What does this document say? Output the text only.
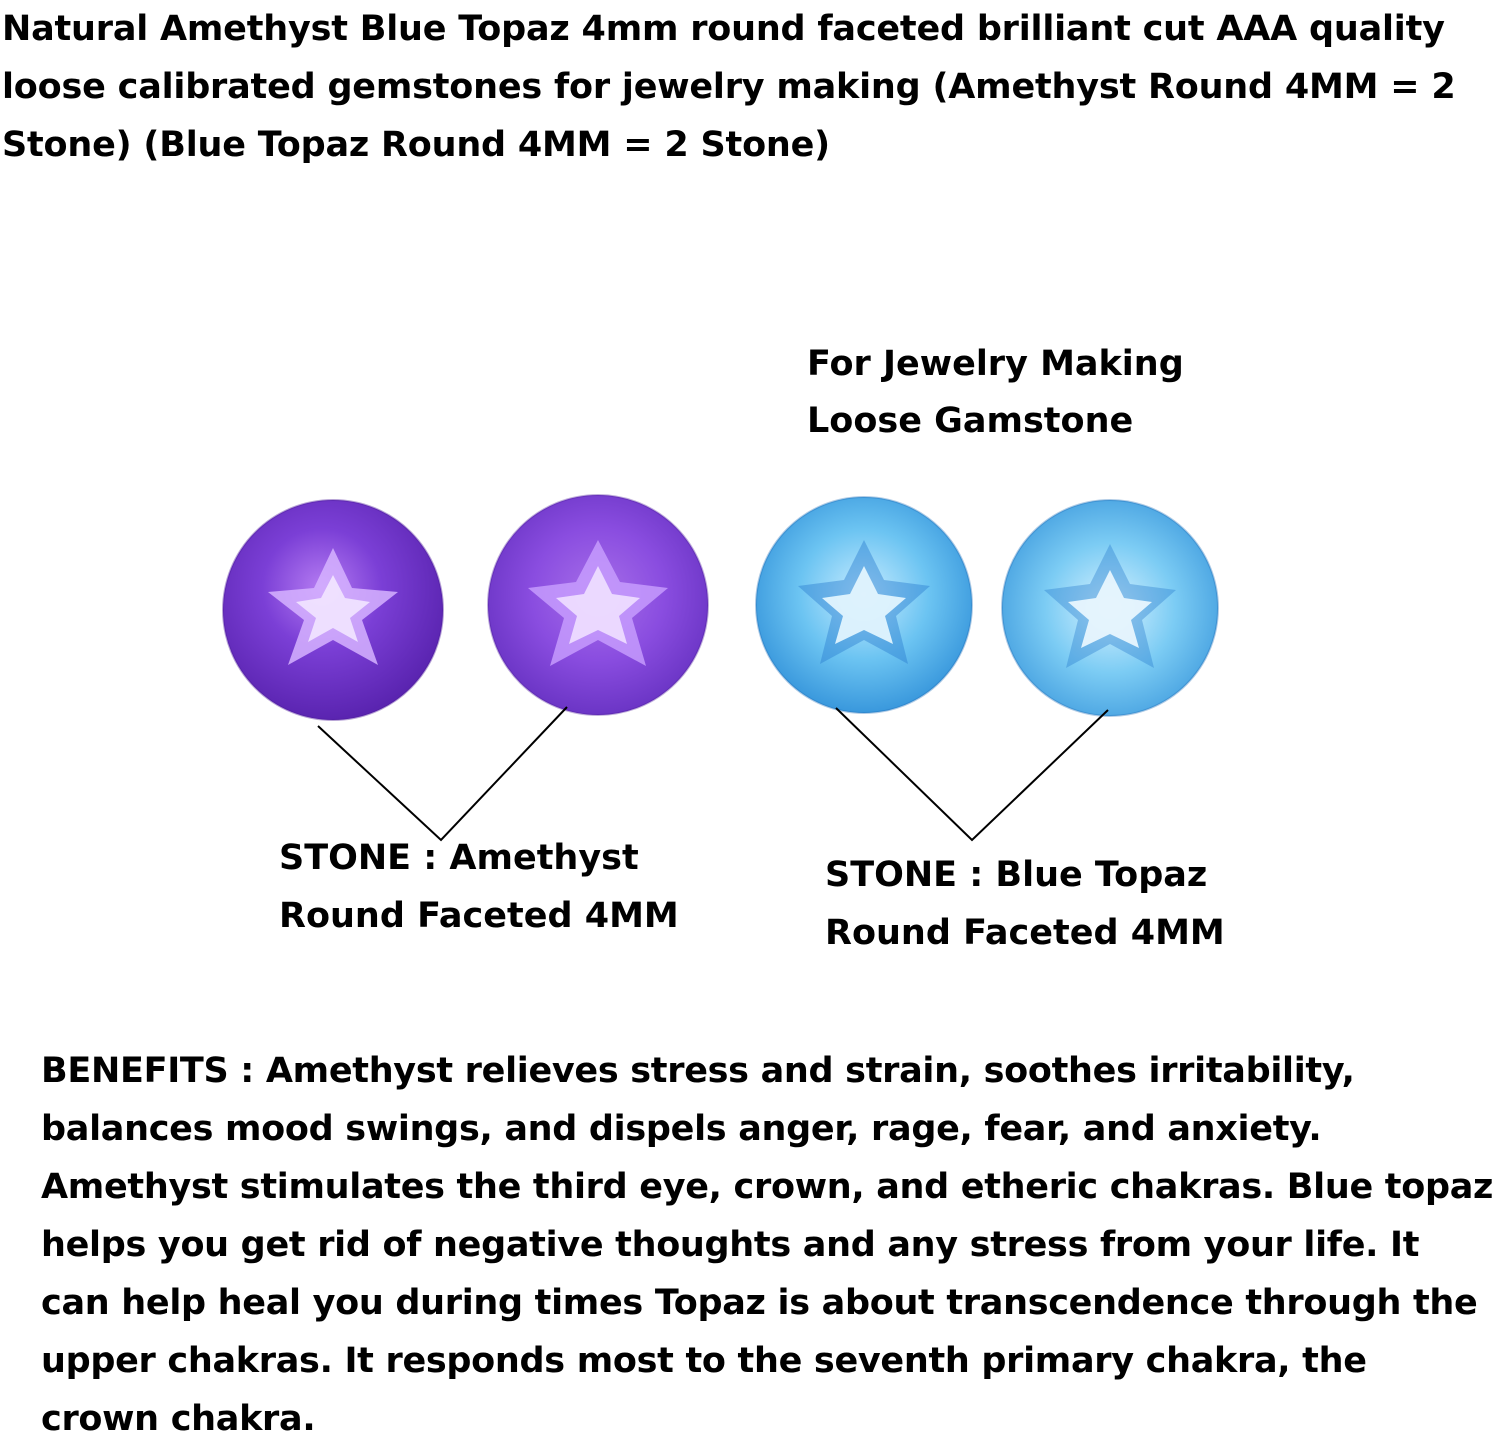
Natural Amethyst Blue Topaz 4mm round faceted brilliant cut AAA quality loose calibrated gemstones for jewelry making (Amethyst Round 4MM = 2 Stone) (Blue Topaz Round 4MM = 2 Stone)

For Jewelry Making
Loose Gamstone
STONE : Amethyst
Round Faceted 4MM
STONE : Blue Topaz
Round Faceted 4MM

BENEFITS : Amethyst relieves stress and strain, soothes irritability, balances mood swings, and dispels anger, rage, fear, and anxiety. Amethyst stimulates the third eye, crown, and etheric chakras. Blue topaz helps you get rid of negative thoughts and any stress from your life. It can help heal you during times Topaz is about transcendence through the upper chakras. It responds most to the seventh primary chakra, the crown chakra.
